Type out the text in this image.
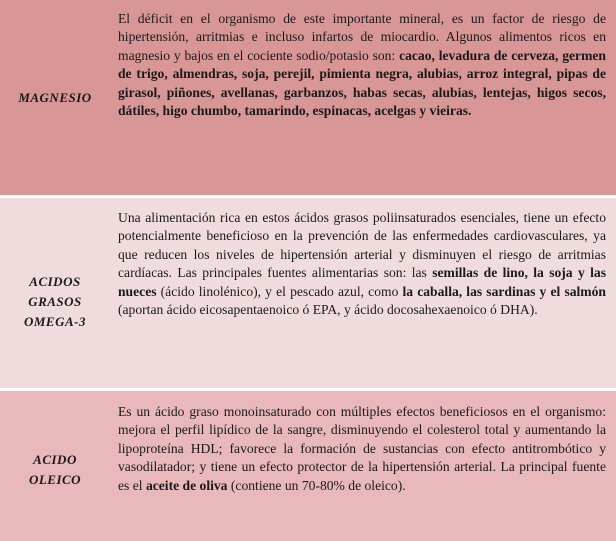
MAGNESIO
El déficit en el organismo de este importante mineral, es un factor de riesgo de hipertensión, arritmias e incluso infartos de miocardio. Algunos alimentos ricos en magnesio y bajos en el cociente sodio/potasio son: cacao, levadura de cerveza, germen de trigo, almendras, soja, perejil, pimienta negra, alubias, arroz integral, pipas de girasol, piñones, avellanas, garbanzos, habas secas, alubias, lentejas, higos secos, dátiles, higo chumbo, tamarindo, espinacas, acelgas y vieiras.
ACIDOS
GRASOS
OMEGA-3
Una alimentación rica en estos ácidos grasos poliinsaturados esenciales, tiene un efecto potencialmente beneficioso en la prevención de las enfermedades cardiovasculares, ya que reducen los niveles de hipertensión arterial y disminuyen el riesgo de arritmias cardíacas. Las principales fuentes alimentarias son: las semillas de lino, la soja y las nueces (ácido linolénico), y el pescado azul, como la caballa, las sardinas y el salmón (aportan ácido eicosapentaenoico ó EPA, y ácido docosahexaenoico ó DHA).
ACIDO
OLEICO
Es un ácido graso monoinsaturado con múltiples efectos beneficiosos en el organismo: mejora el perfil lipídico de la sangre, disminuyendo el colesterol total y aumentando la lipoproteína HDL; favorece la formación de sustancias con efecto antitrombótico y vasodilatador; y tiene un efecto protector de la hipertensión arterial. La principal fuente es el aceite de oliva (contiene un 70-80% de oleico).
